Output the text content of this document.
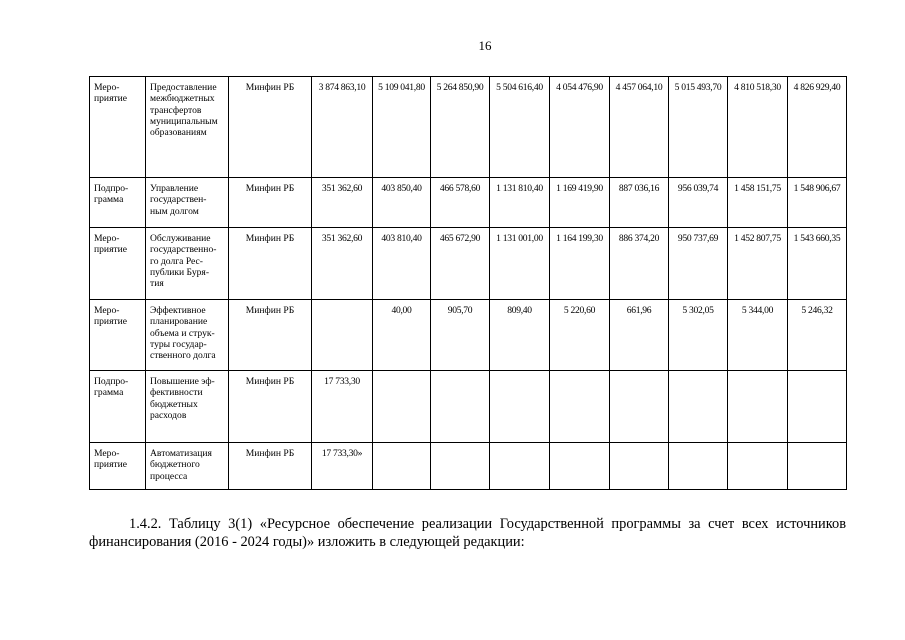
16
Меро-
приятие	Предоставление
межбюджетных
трансфертов
муниципальным
образованиям	Минфин РБ	3 874 863,10	5 109 041,80	5 264 850,90	5 504 616,40	4 054 476,90	4 457 064,10	5 015 493,70	4 810 518,30	4 826 929,40
Подпро-
грамма	Управление
государствен-
ным долгом	Минфин РБ	351 362,60	403 850,40	466 578,60	1 131 810,40	1 169 419,90	887 036,16	956 039,74	1 458 151,75	1 548 906,67
Меро-
приятие	Обслуживание
государственно-
го долга Рес-
публики Буря-
тия	Минфин РБ	351 362,60	403 810,40	465 672,90	1 131 001,00	1 164 199,30	886 374,20	950 737,69	1 452 807,75	1 543 660,35
Меро-
приятие	Эффективное
планирование
объема и струк-
туры государ-
ственного долга	Минфин РБ		40,00	905,70	809,40	5 220,60	661,96	5 302,05	5 344,00	5 246,32
Подпро-
грамма	Повышение эф-
фективности
бюджетных
расходов	Минфин РБ	17 733,30								
Меро-
приятие	Автоматизация
бюджетного
процесса	Минфин РБ	17 733,30»								
1.4.2. Таблицу 3(1) «Ресурсное обеспечение реализации Государственной программы за счет всех источников финансирования (2016 - 2024 годы)» изложить в следующей редакции:
